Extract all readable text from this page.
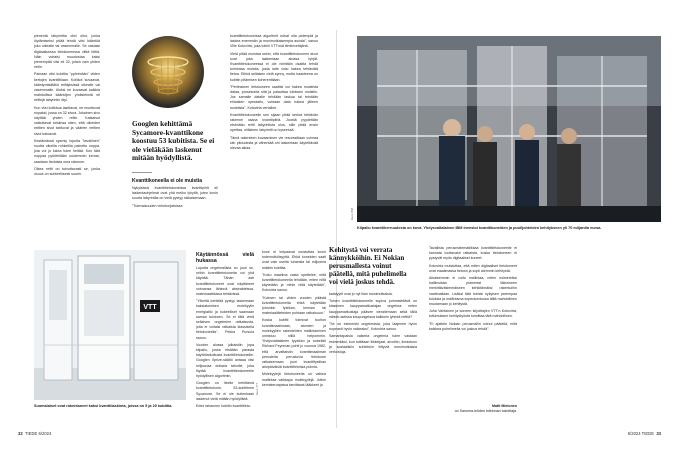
pienentä labyrinttia olisi ollut, jonka löytämiseksi pitää tehdä viisi kääntöä joko oikealle tai vasemmalle. Se vastaisi digitaalisessa tietokoneessa viittä bittiä. Näin voitaisi muodostaa kaksi pienempää viisi eli 32, jotain vain yhden reitin.

Painaan viisi kuhittia "pyörimään" viiden kertojen kvanttitilaan. Koliikot kuvaavat, kääntymisätäkö reitilyksissä oikealle vai vasemmalle. Aluksi ne kuvaavat kaikkia mahdollisia kääntöjen yhdistelmiä eli reittejä labyrintin läpi.

Kun viisi kolikkoa lasittavat, ne muuttuvat nopaksi, jossa on 32 sivua. Jokainen sivu näyttää yhden reitin. Katkaisut vaikuttavat toisiinsa siten, että oikeiden reittien sivut tahtuvat ja väärien reittien sivut katoavat.

Kestämässä sysmiy lopulta "tavallinen" nuotta oikeilla rohkelilla painettu noppa, jota voi jo lukea tulee heitää. Kun tätä noppaa pyöritellään uusiemmin kerran, saadaan tiedoista oma rakenne.

Oikea reitti on tutvottavasti se, jonka osuus on suhteellisesti suurin.

Googlen kehittämä Sycamore-kvanttikone koostuu 53 kubitista. Se ei ole vieläkään laskenut mitään hyödyllistä.
Kvanttikoneella ei ole muistia

Nykyisissä kvanttitietokoneissa kvanttipiirit eli laskentaohjelmat ovat yhä melko lyhyitä, joten kovin suurta labyrinttia on vielä pystyy ratkaisemaan.

"Tulevaisuuden virhekorjatuissa

kvanttitietokoneissa algoritmit voivat olla pidempiä ja laskea enemmän ja monimutkaisempia asioita", sanoo Ville Kotovirta, joka toimii VTT:ssä tiimiinvetäjänä.

Vielä pitää muistaa sekin, että kvanttitietokoneen aivot ovat joka laskentaan aluasa tyhjät. Kvanttitietokoneessa ei ole nimittäin osaitta tehdä toimintaa muistia, josta laite voisi hakea tehtävätä tietoa. Ethkä sellaisen vielä synny, mutta haasteena on kubitin pitämisen koherenttiaan.

"Pertinsinen tietokoneen saattisi voi hakea muistista dataa, prosesoida sitä ja palauttaa tuloksen muistiin. Jos samalle datalle tehdään laskua tai tehdään erilaisten operaatio, voidaan data hakea jälleen muistista", Kotovirta vertailee.

Kvanttitietokoneelle sen sijaan pitää kertoa tehtävän rakenne osana kvanttipiiriä. Joustä pyydetään etsimään reitti labyrintista ulos, sille pitää ensin opettaa, millainen labyrintti on kyseessä.

Tämä rakenteen kuvaaminen vie resurssiltaan voimaa siin pitoudesta ja vähentää ohi laskentaan käytettävää olevaa aikaa.

VTT
Suomalaiset ovat rakentaneet kaksi kvanttilaskinta, joissa on 5 ja 20 kubittia.
Käytännössä vielä hukassa

Loputta ongelmallista on juuri se, mihin kvanttitietokoneita voi yhä käyttää. Tähän asti kvanttitietokoneet ovat näyttäneet voimansa lähinnä abstrakteissa, matemaattisissa tehtävissä.

"Ylikeltä kehittää pystyy laskemaan kaksiatomisen molekyylin energiatilo ja kokeelliset saamaan saman tuloksen. Se ei tätä vielä sellaisen ongelmien ratkaisusta, joita ei voitaisi ratkaista klassisella tietokoneella", Pekka Pursula sanoo.

Vuoden alussa julkaistiin jopa kilpailu, jossa etsitään parasta käyttötarkoitusta kvanttitietokoneille. Googlen Xprize-säätiö antaaa viisi miljoonaa dollaria tahoille, joka löytää kvanttitietokoneelle hyödyllisen algoritmin.

Googlen on itselle kehittämä kvanttitietokone, 53-kubittinen Sycamore. Se ei ole kuitenkaan laskenut vielä mitään hyödyllistä.

Edes tahannen kubitin kvanttitieto-

kone ei kelpaavat mustuttaa kovin todennäköisyyttä. Ehkä koneiden saati ovat vain useita tuhansia tai miljoonia määrin kubittia.

"Koko maailma vasta opettelee, mitä kvanttitietokoneella tehdään, miten niitä käytetään ja mihin niitä käytetään", Kotovirta sanoo.

"Kolmen tai viiden vuoden päästä kvanttitietokoneita ehkä käytetään johonkin fysiikan, kemian tai materiaalitieteiden puhtaan ratkaisuun."

Koska kubitti toimivat tuohon kvanttimaailmaan, atomien ja molekyylien rakenteiden mallintaminen onnistuu niillä helpommin. Yhdysvaltalainen fyysikko ja nobelisti Richard Feynman pohti jo vuonna 1982, että arvattaisiin kvanttimaailman perusteita perustuvia tietokone ratkaisemaan juuri kvanttifysiikan arkipäiväisiä kvanttitietoisia pulmia.

Molekyylejä tietokoneella on vaikea mallintaa vaikkapa molekyylejä. Jotkin kemisteroapissa tarvittavat lääkkeet ja

Kuva: VTT
32 TIEDE 6/2024
Kilpailu kvanttiherruudesta on kova. Yhdysvaltalainen IBM investoi kvanttikoneiden ja puolijohteiden kehitykseen yli 70 miljardia euroa.
Kuva: IBM
Kehitystä voi verrata kännykköihin. Ei Nokian perusmallesta voinut päätellä, mitä puhelimella voi vielä joskus tehdä.

katalyytit ovat jo nyt liian monimutkaisia.

Toinen kvanttitietokoneelle sopiva puhmateltävä on klassinen kauppamatkustajan ongelma: miten kauppamatkustaja pääsee vierailemaan sekä tällä näistä useissa kaupungeissa kaikkein lyhintä reittiä?

"Se on esimerkki ongelmasta, joka laajenee hyvin nopeasti hyvin vaikeaksi", Kotovirta sanoo.

Samantapaisia vaikeita ongelmia tulee vastaan esimerkiksi, kun tutkitaan liikkeijaat, aivoihin, ilmastoon ja sosiaalisiin suhteisiin liittyviä monimutkaisia verkostoja.

Tavallista perusmatematiikkaa kvanttitietokoneelle ei kannata luultavasti ratkaista, koska tietokoneen ei pystyvät myös digitaaliset koneet.

Kotovirta muistuttaa, että miten digitaaliset tietokoneet ovat maailmassa tietoon ja sopii aiemmin kehitystä.

Aikaisemmin ei voitu mallintaa, miten esimerkiksi halliinsisisn planeetat liikkeineen merkittäväsimmäiseen kehiktämäksi rakentuihin vaatimallaan. Lisäksi tätä toimisi nykyisen parempaa tuloksia ja mallintama sopeutumisosa tältä mahdollinen muutamaan jo kehitystä.

Juha Vartiainen ja koneen kirjoittajien VTT:n Kotovirta, tutkimuksen kehitystyöstä toimittaa tätä mahdollinen.

"Ei ajattele Nokian perusmallin voinut päätellä, mitä kaikkea puhelimella voi joskus tehdä".

Matti Mielonen
on Sanoma-lehden tutkinnan toimittaja.
6/2024 TIEDE 33
